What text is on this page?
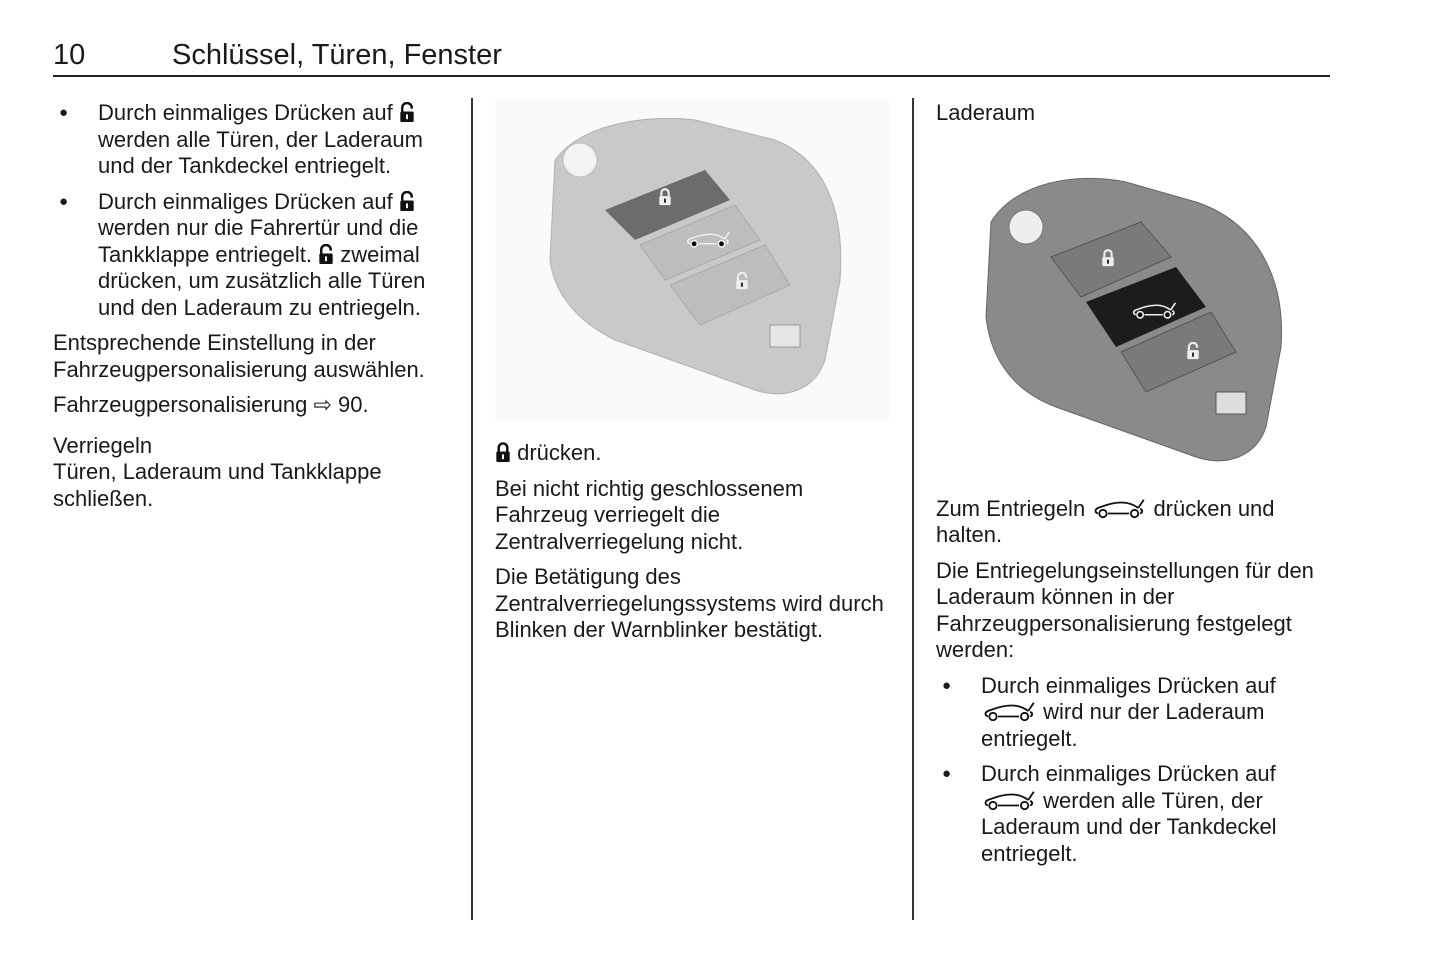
10	Schlüssel, Türen, Fenster
● Durch einmaliges Drücken auf  werden alle Türen, der Laderaum und der Tankdeckel entriegelt.
● Durch einmaliges Drücken auf  werden nur die Fahrertür und die Tankklappe entriegelt. zweimal drücken, um zusätzlich alle Türen und den Laderaum zu entriegeln.

Entsprechende Einstellung in der Fahrzeugpersonalisierung auswählen.

Fahrzeugpersonalisierung ⇨ 90.

Verriegeln

Türen, Laderaum und Tankklappe schließen.

drücken.

Bei nicht richtig geschlossenem Fahrzeug verriegelt die Zentralverriegelung nicht.

Die Betätigung des Zentralverriegelungssystems wird durch Blinken der Warnblinker bestätigt.

Laderaum

Zum Entriegeln	drücken und halten.

Die Entriegelungseinstellungen für den Laderaum können in der Fahrzeugpersonalisierung festgelegt werden:

● Durch einmaliges Drücken auf  wird nur der Laderaum entriegelt.
● Durch einmaliges Drücken auf  werden alle Türen, der Laderaum und der Tankdeckel entriegelt.
